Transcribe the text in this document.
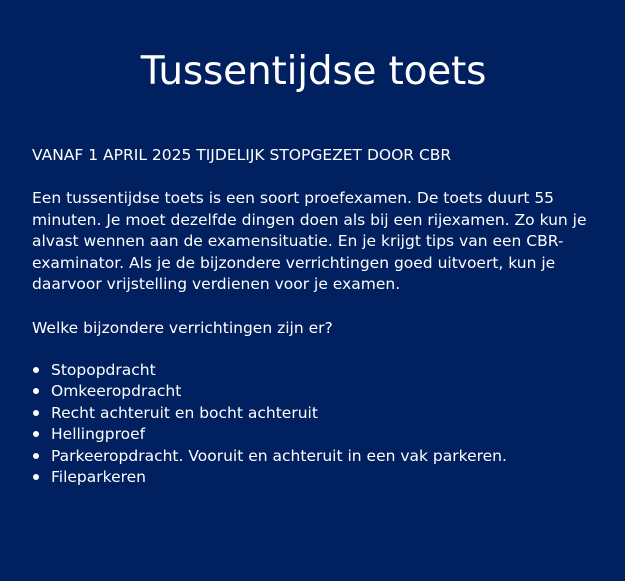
Tussentijdse toets

VANAF 1 APRIL 2025 TIJDELIJK STOPGEZET DOOR CBR

Een tussentijdse toets is een soort proefexamen. De toets duurt 55 minuten. Je moet dezelfde dingen doen als bij een rijexamen. Zo kun je alvast wennen aan de examensituatie. En je krijgt tips van een CBR-examinator. Als je de bijzondere verrichtingen goed uitvoert, kun je daarvoor vrijstelling verdienen voor je examen.

Welke bijzondere verrichtingen zijn er?

Stopopdracht
Omkeeropdracht
Recht achteruit en bocht achteruit
Hellingproef
Parkeeropdracht. Vooruit en achteruit in een vak parkeren.
Fileparkeren
